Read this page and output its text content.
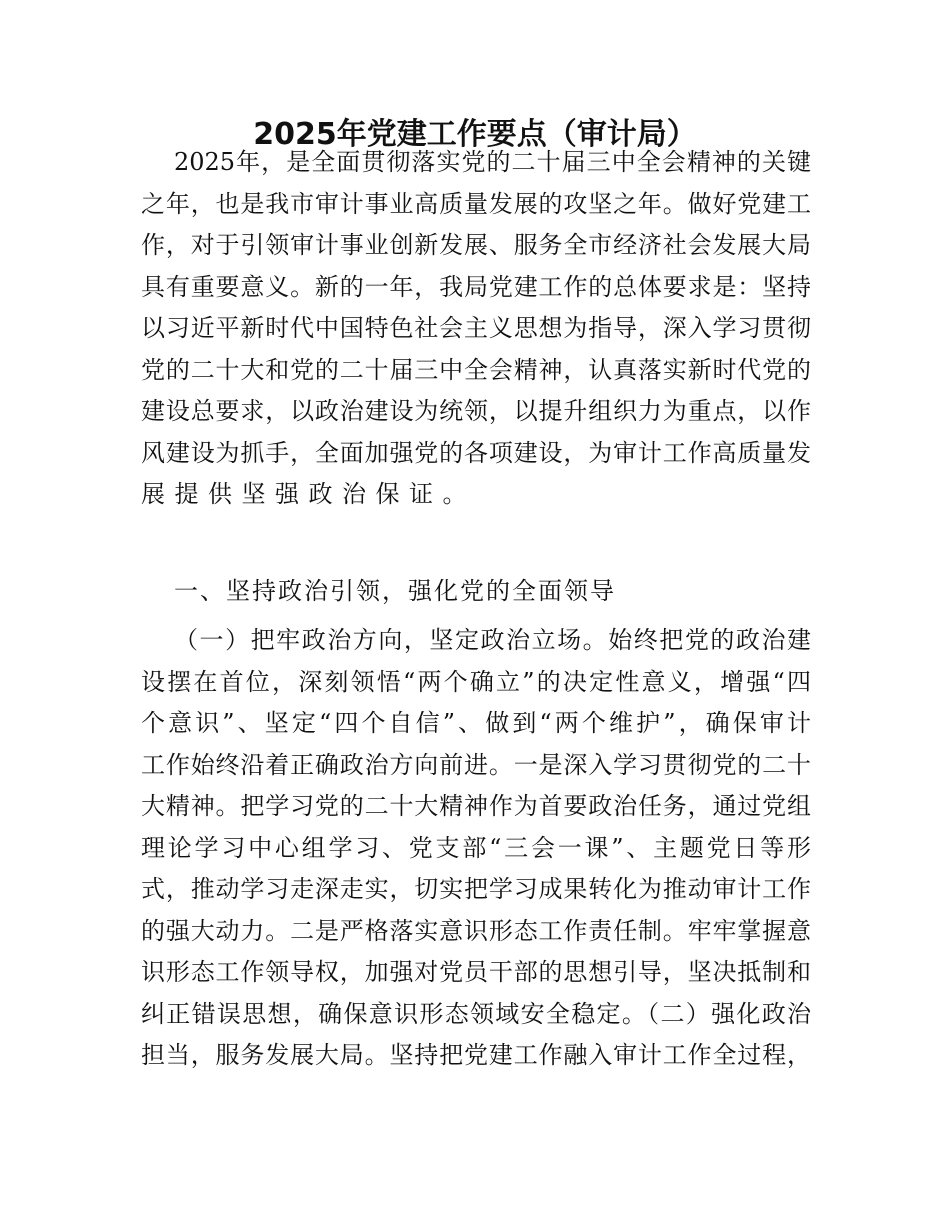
2025年党建工作要点（审计局）
2025年，是全面贯彻落实党的二十届三中全会精神的关键
之年，也是我市审计事业高质量发展的攻坚之年。做好党建工
作，对于引领审计事业创新发展、服务全市经济社会发展大局
具有重要意义。新的一年，我局党建工作的总体要求是：坚持
以习近平新时代中国特色社会主义思想为指导，深入学习贯彻
党的二十大和党的二十届三中全会精神，认真落实新时代党的
建设总要求，以政治建设为统领，以提升组织力为重点，以作
风建设为抓手，全面加强党的各项建设，为审计工作高质量发
展提供坚强政治保证。
一、坚持政治引领，强化党的全面领导
（一）把牢政治方向，坚定政治立场。始终把党的政治建
设摆在首位，深刻领悟“两个确立”的决定性意义，增强“四
个意识”、坚定“四个自信”、做到“两个维护”，确保审计
工作始终沿着正确政治方向前进。一是深入学习贯彻党的二十
大精神。把学习党的二十大精神作为首要政治任务，通过党组
理论学习中心组学习、党支部“三会一课”、主题党日等形
式，推动学习走深走实，切实把学习成果转化为推动审计工作
的强大动力。二是严格落实意识形态工作责任制。牢牢掌握意
识形态工作领导权，加强对党员干部的思想引导，坚决抵制和
纠正错误思想，确保意识形态领域安全稳定。（二）强化政治
担当，服务发展大局。坚持把党建工作融入审计工作全过程，
